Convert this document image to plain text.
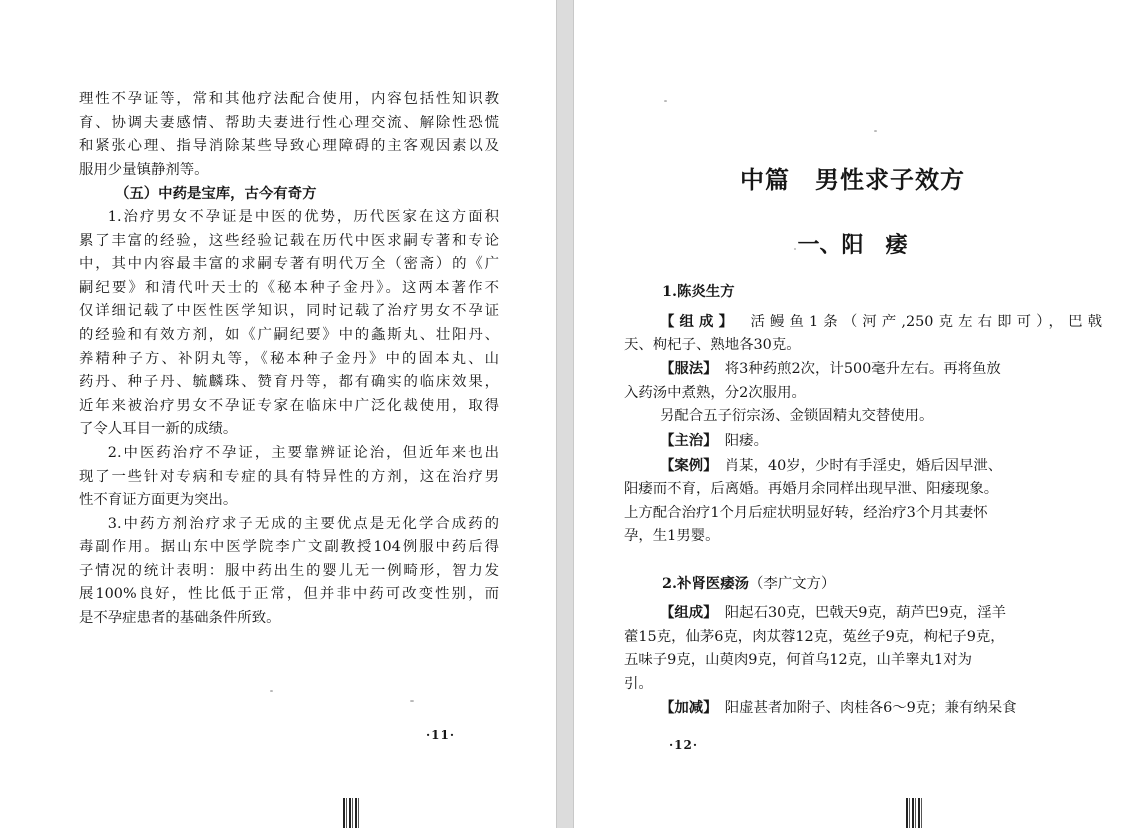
理性不孕证等，常和其他疗法配合使用，内容包括性知识教
育、协调夫妻感情、帮助夫妻进行性心理交流、解除性恐慌
和紧张心理、指导消除某些导致心理障碍的主客观因素以及
服用少量镇静剂等。
（五）中药是宝库，古今有奇方
1.治疗男女不孕证是中医的优势，历代医家在这方面积
累了丰富的经验，这些经验记载在历代中医求嗣专著和专论
中，其中内容最丰富的求嗣专著有明代万全（密斋）的《广
嗣纪要》和清代叶天士的《秘本种子金丹》。这两本著作不
仅详细记载了中医性医学知识，同时记载了治疗男女不孕证
的经验和有效方剂，如《广嗣纪要》中的螽斯丸、壮阳丹、
养精种子方、补阴丸等，《秘本种子金丹》中的固本丸、山
药丹、种子丹、毓麟珠、赞育丹等，都有确实的临床效果，
近年来被治疗男女不孕证专家在临床中广泛化裁使用，取得
了令人耳目一新的成绩。
2.中医药治疗不孕证，主要靠辨证论治，但近年来也出
现了一些针对专病和专症的具有特异性的方剂，这在治疗男
性不育证方面更为突出。
3.中药方剂治疗求子无成的主要优点是无化学合成药的
毒副作用。据山东中医学院李广文副教授104例服中药后得
子情况的统计表明：服中药出生的婴儿无一例畸形，智力发
展100%良好，性比低于正常，但并非中药可改变性别，而
是不孕症患者的基础条件所致。
·11·
中篇　男性求子效方
一、阳　痿
1.陈炎生方
【组成】　 活鳗鱼1条（河产,250克左右即可），巴戟
天、枸杞子、熟地各30克。
【服法】　 将3种药煎2次，计500毫升左右。再将鱼放
入药汤中煮熟，分2次服用。
另配合五子衍宗汤、金锁固精丸交替使用。
【主治】　 阳痿。
【案例】　 肖某，40岁，少时有手淫史，婚后因早泄、
阳痿而不育，后离婚。再婚月余同样出现早泄、阳痿现象。
上方配合治疗1个月后症状明显好转，经治疗3个月其妻怀
孕，生1男婴。
2.补肾医痿汤（李广文方）
【组成】　 阳起石30克，巴戟天9克，葫芦巴9克，淫羊
藿15克，仙茅6克，肉苁蓉12克，菟丝子9克，枸杞子9克，
五味子9克，山萸肉9克，何首乌12克，山羊睾丸1对为
引。
【加减】　 阳虚甚者加附子、肉桂各6～9克；兼有纳呆食
·12·
